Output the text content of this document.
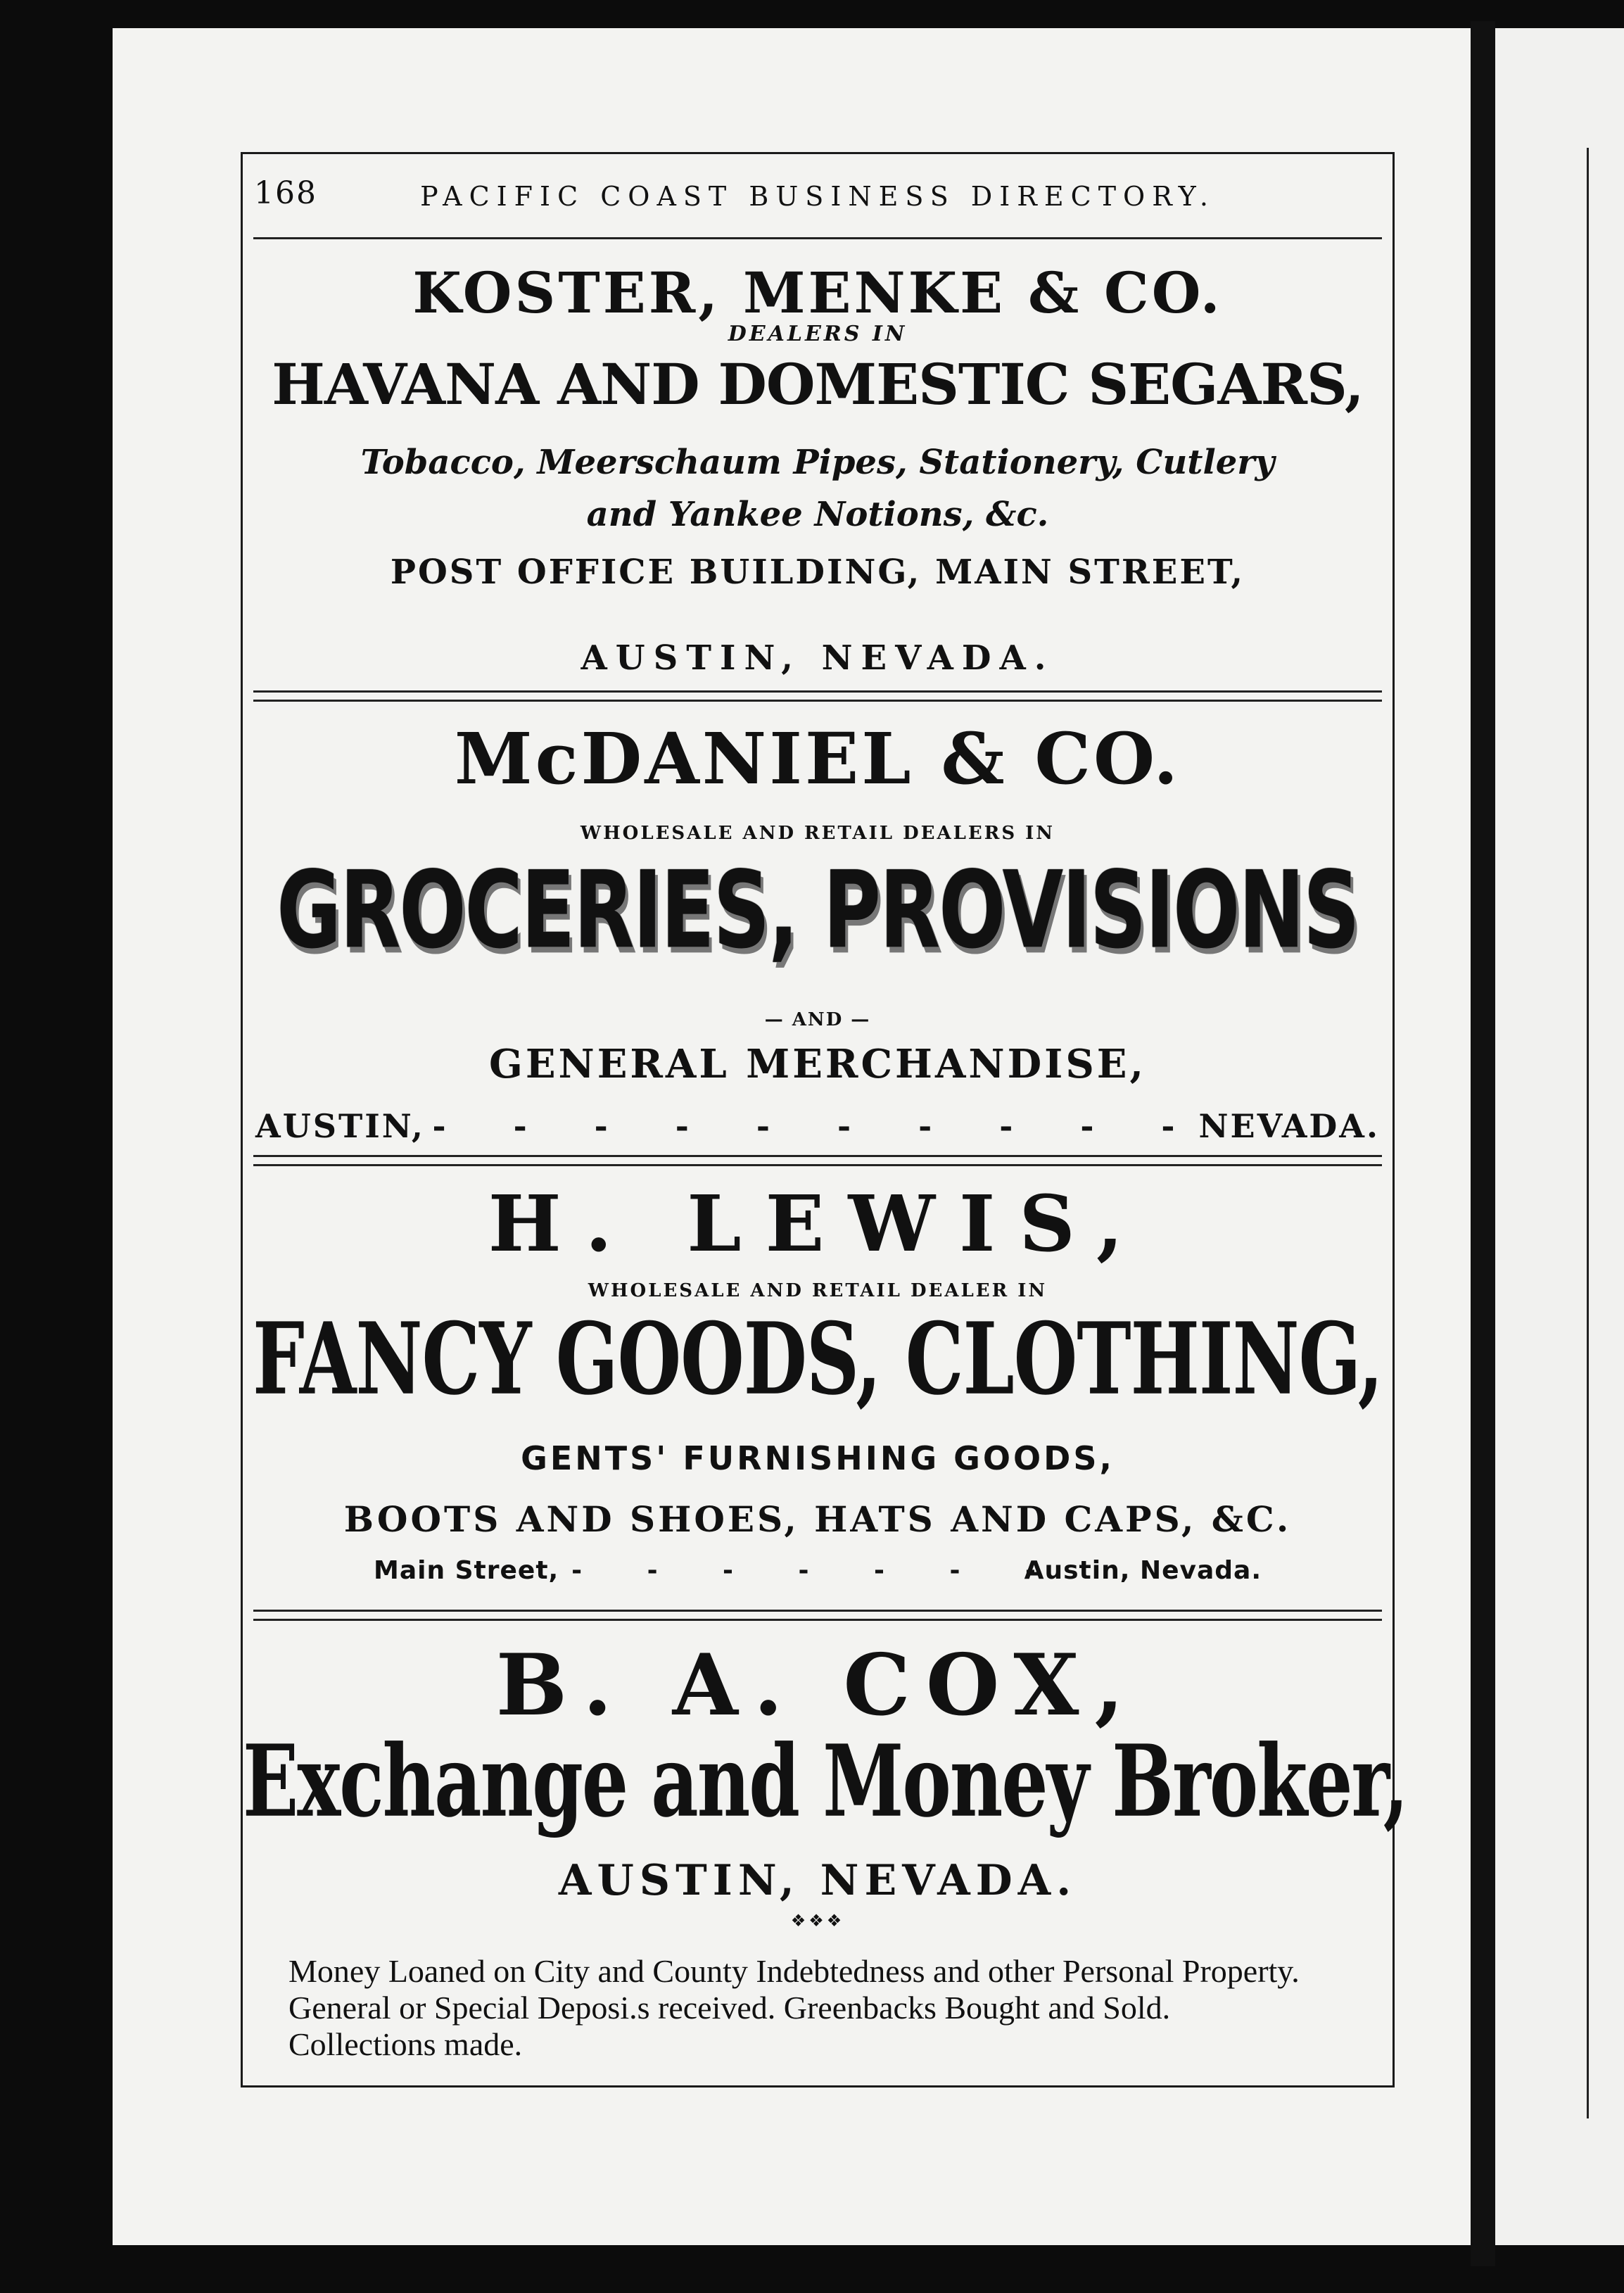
168	PACIFIC COAST BUSINESS DIRECTORY.
KOSTER, MENKE & CO.
DEALERS IN
HAVANA AND DOMESTIC SEGARS,
Tobacco, Meerschaum Pipes, Stationery, Cutlery
and Yankee Notions, &c.
POST OFFICE BUILDING, MAIN STREET,
AUSTIN, NEVADA.
McDANIEL & CO.
WHOLESALE AND RETAIL DEALERS IN
GROCERIES, PROVISIONS
— AND —
GENERAL MERCHANDISE,
AUSTIN, - - - - - - - - - -
NEVADA.
H. LEWIS,
WHOLESALE AND RETAIL DEALER IN
FANCY GOODS, CLOTHING,
GENTS' FURNISHING GOODS,
BOOTS AND SHOES, HATS AND CAPS, &C.
Main Street, - - - - - - -
Austin, Nevada.
B. A. COX,
Exchange and Money Broker,
AUSTIN, NEVADA.
❖❖❖
Money Loaned on City and County Indebtedness and other Personal Property.
General or Special Deposi.s received. Greenbacks Bought and Sold.
Collections made.
